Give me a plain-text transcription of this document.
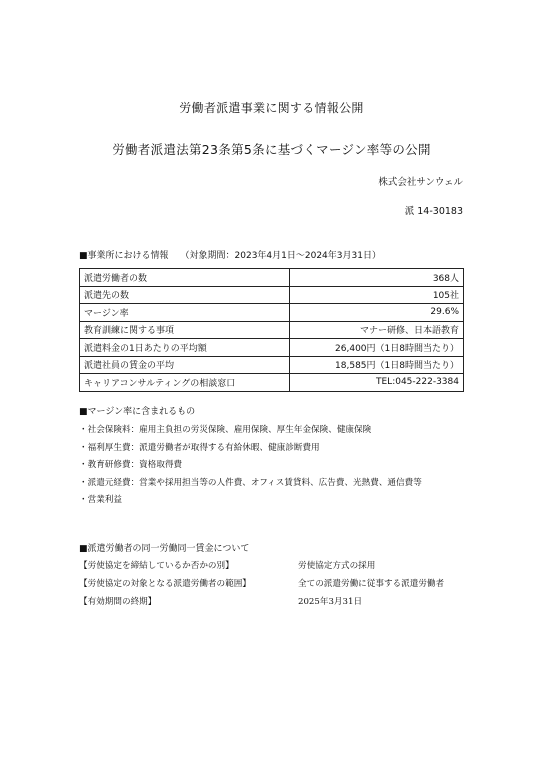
労働者派遣事業に関する情報公開
労働者派遣法第23条第5条に基づくマージン率等の公開
株式会社サンウェル
派 14-30183
■事業所における情報 （対象期間：2023年4月1日～2024年3月31日）
派遣労働者の数	368人
派遣先の数	105社
マージン率	29.6%
教育訓練に関する事項	マナー研修、日本語教育
派遣料金の1日あたりの平均額	26,400円（1日8時間当たり）
派遣社員の賃金の平均	18,585円（1日8時間当たり）
キャリアコンサルティングの相談窓口	TEL:045-222-3384
■マージン率に含まれるもの
・社会保険料：雇用主負担の労災保険、雇用保険、厚生年金保険、健康保険
・福利厚生費：派遣労働者が取得する有給休暇、健康診断費用
・教育研修費：資格取得費
・派遣元経費：営業や採用担当等の人件費、オフィス賃貸料、広告費、光熱費、通信費等
・営業利益
■派遣労働者の同一労働同一賃金について
【労使協定を締結しているか否かの別】	労使協定方式の採用
【労使協定の対象となる派遣労働者の範囲】	全ての派遣労働に従事する派遣労働者
【有効期間の終期】	2025年3月31日
